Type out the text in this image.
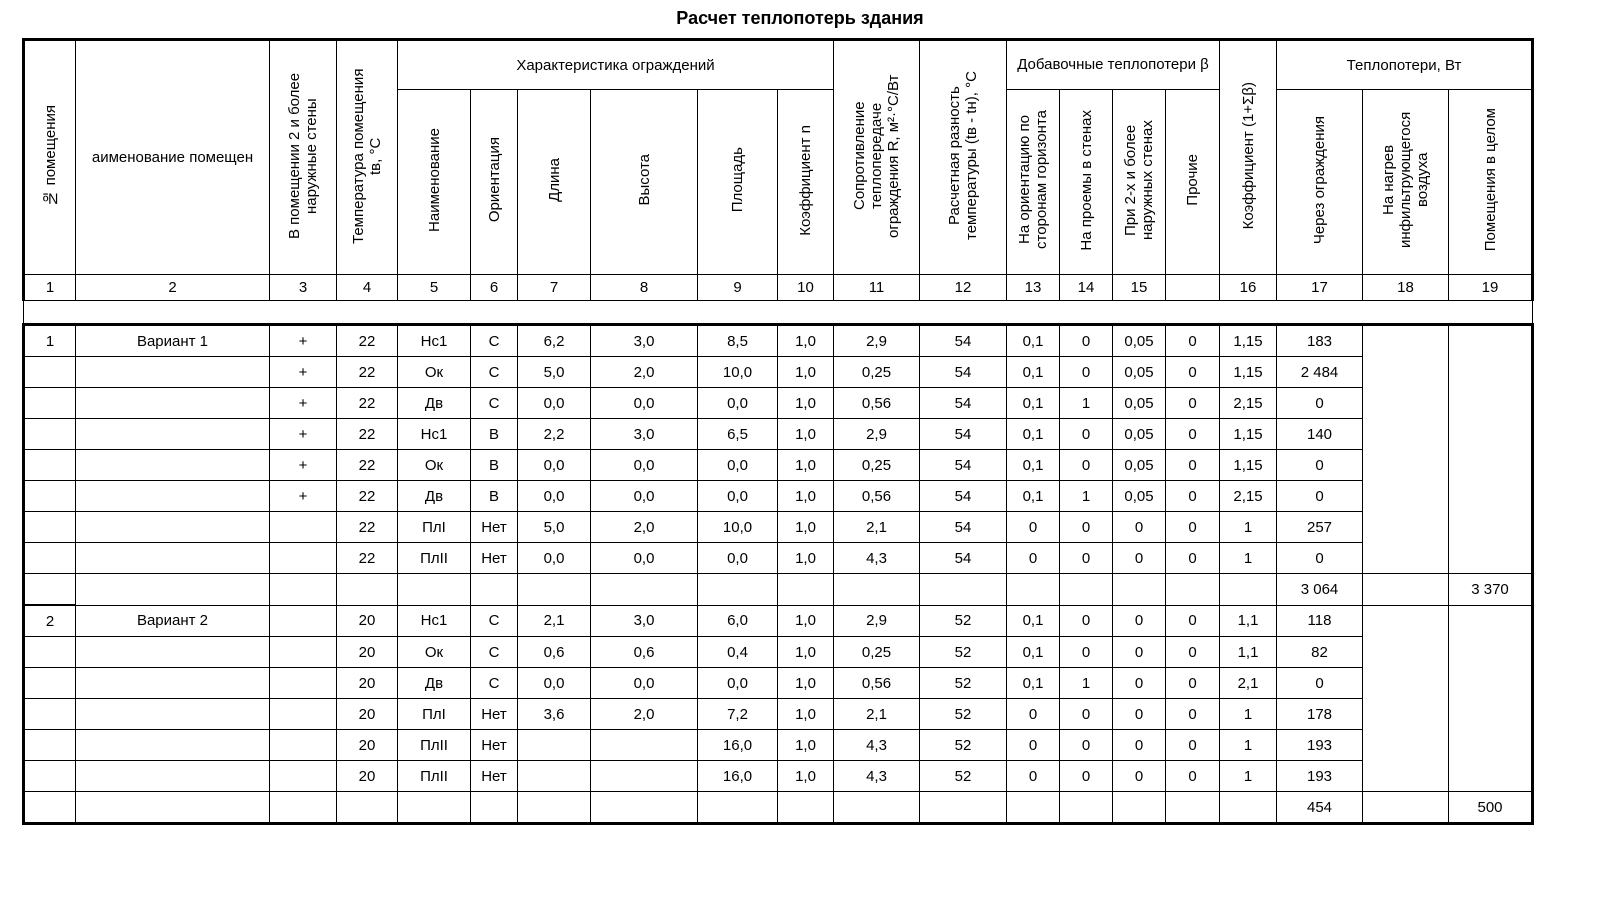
Расчет теплопотерь здания
№ помещения	аименование помещен	В помещении 2 и более наружные стены	Температура помещения tв, °С	Характеристика ограждений						Сопротивление теплопередаче ограждения R, м²·°С/Вт	Расчетная разность температуры (tв - tн), °С	Добавочные теплопотери β				Коэффициент (1+Σβ)	Теплопотери, Вт		
				Наименование	Ориентация	Длина	Высота	Площадь	Коэффициент n			На ориентацию по сторонам горизонта	На проемы в стенах	При 2-х и более наружных стенах	Прочие		Через ограждения	На нагрев инфильтрующегося воздуха	Помещения в целом
1	2	3	4	5	6	7	8	9	10	11	12	13	14	15		16	17	18	19

1	Вариант 1	+	22	Нс1	С	6,2	3,0	8,5	1,0	2,9	54	0,1	0	0,05	0	1,15	183		
		+	22	Ок	С	5,0	2,0	10,0	1,0	0,25	54	0,1	0	0,05	0	1,15	2 484		
		+	22	Дв	С	0,0	0,0	0,0	1,0	0,56	54	0,1	1	0,05	0	2,15	0		
		+	22	Нс1	В	2,2	3,0	6,5	1,0	2,9	54	0,1	0	0,05	0	1,15	140		
		+	22	Ок	В	0,0	0,0	0,0	1,0	0,25	54	0,1	0	0,05	0	1,15	0		
		+	22	Дв	В	0,0	0,0	0,0	1,0	0,56	54	0,1	1	0,05	0	2,15	0		
			22	ПлI	Нет	5,0	2,0	10,0	1,0	2,1	54	0	0	0	0	1	257		
			22	ПлII	Нет	0,0	0,0	0,0	1,0	4,3	54	0	0	0	0	1	0		
																	3 064		3 370
2	Вариант 2		20	Нс1	С	2,1	3,0	6,0	1,0	2,9	52	0,1	0	0	0	1,1	118		
			20	Ок	С	0,6	0,6	0,4	1,0	0,25	52	0,1	0	0	0	1,1	82		
			20	Дв	С	0,0	0,0	0,0	1,0	0,56	52	0,1	1	0	0	2,1	0		
			20	ПлI	Нет	3,6	2,0	7,2	1,0	2,1	52	0	0	0	0	1	178		
			20	ПлII	Нет			16,0	1,0	4,3	52	0	0	0	0	1	193		
			20	ПлII	Нет			16,0	1,0	4,3	52	0	0	0	0	1	193		
																	454		500
